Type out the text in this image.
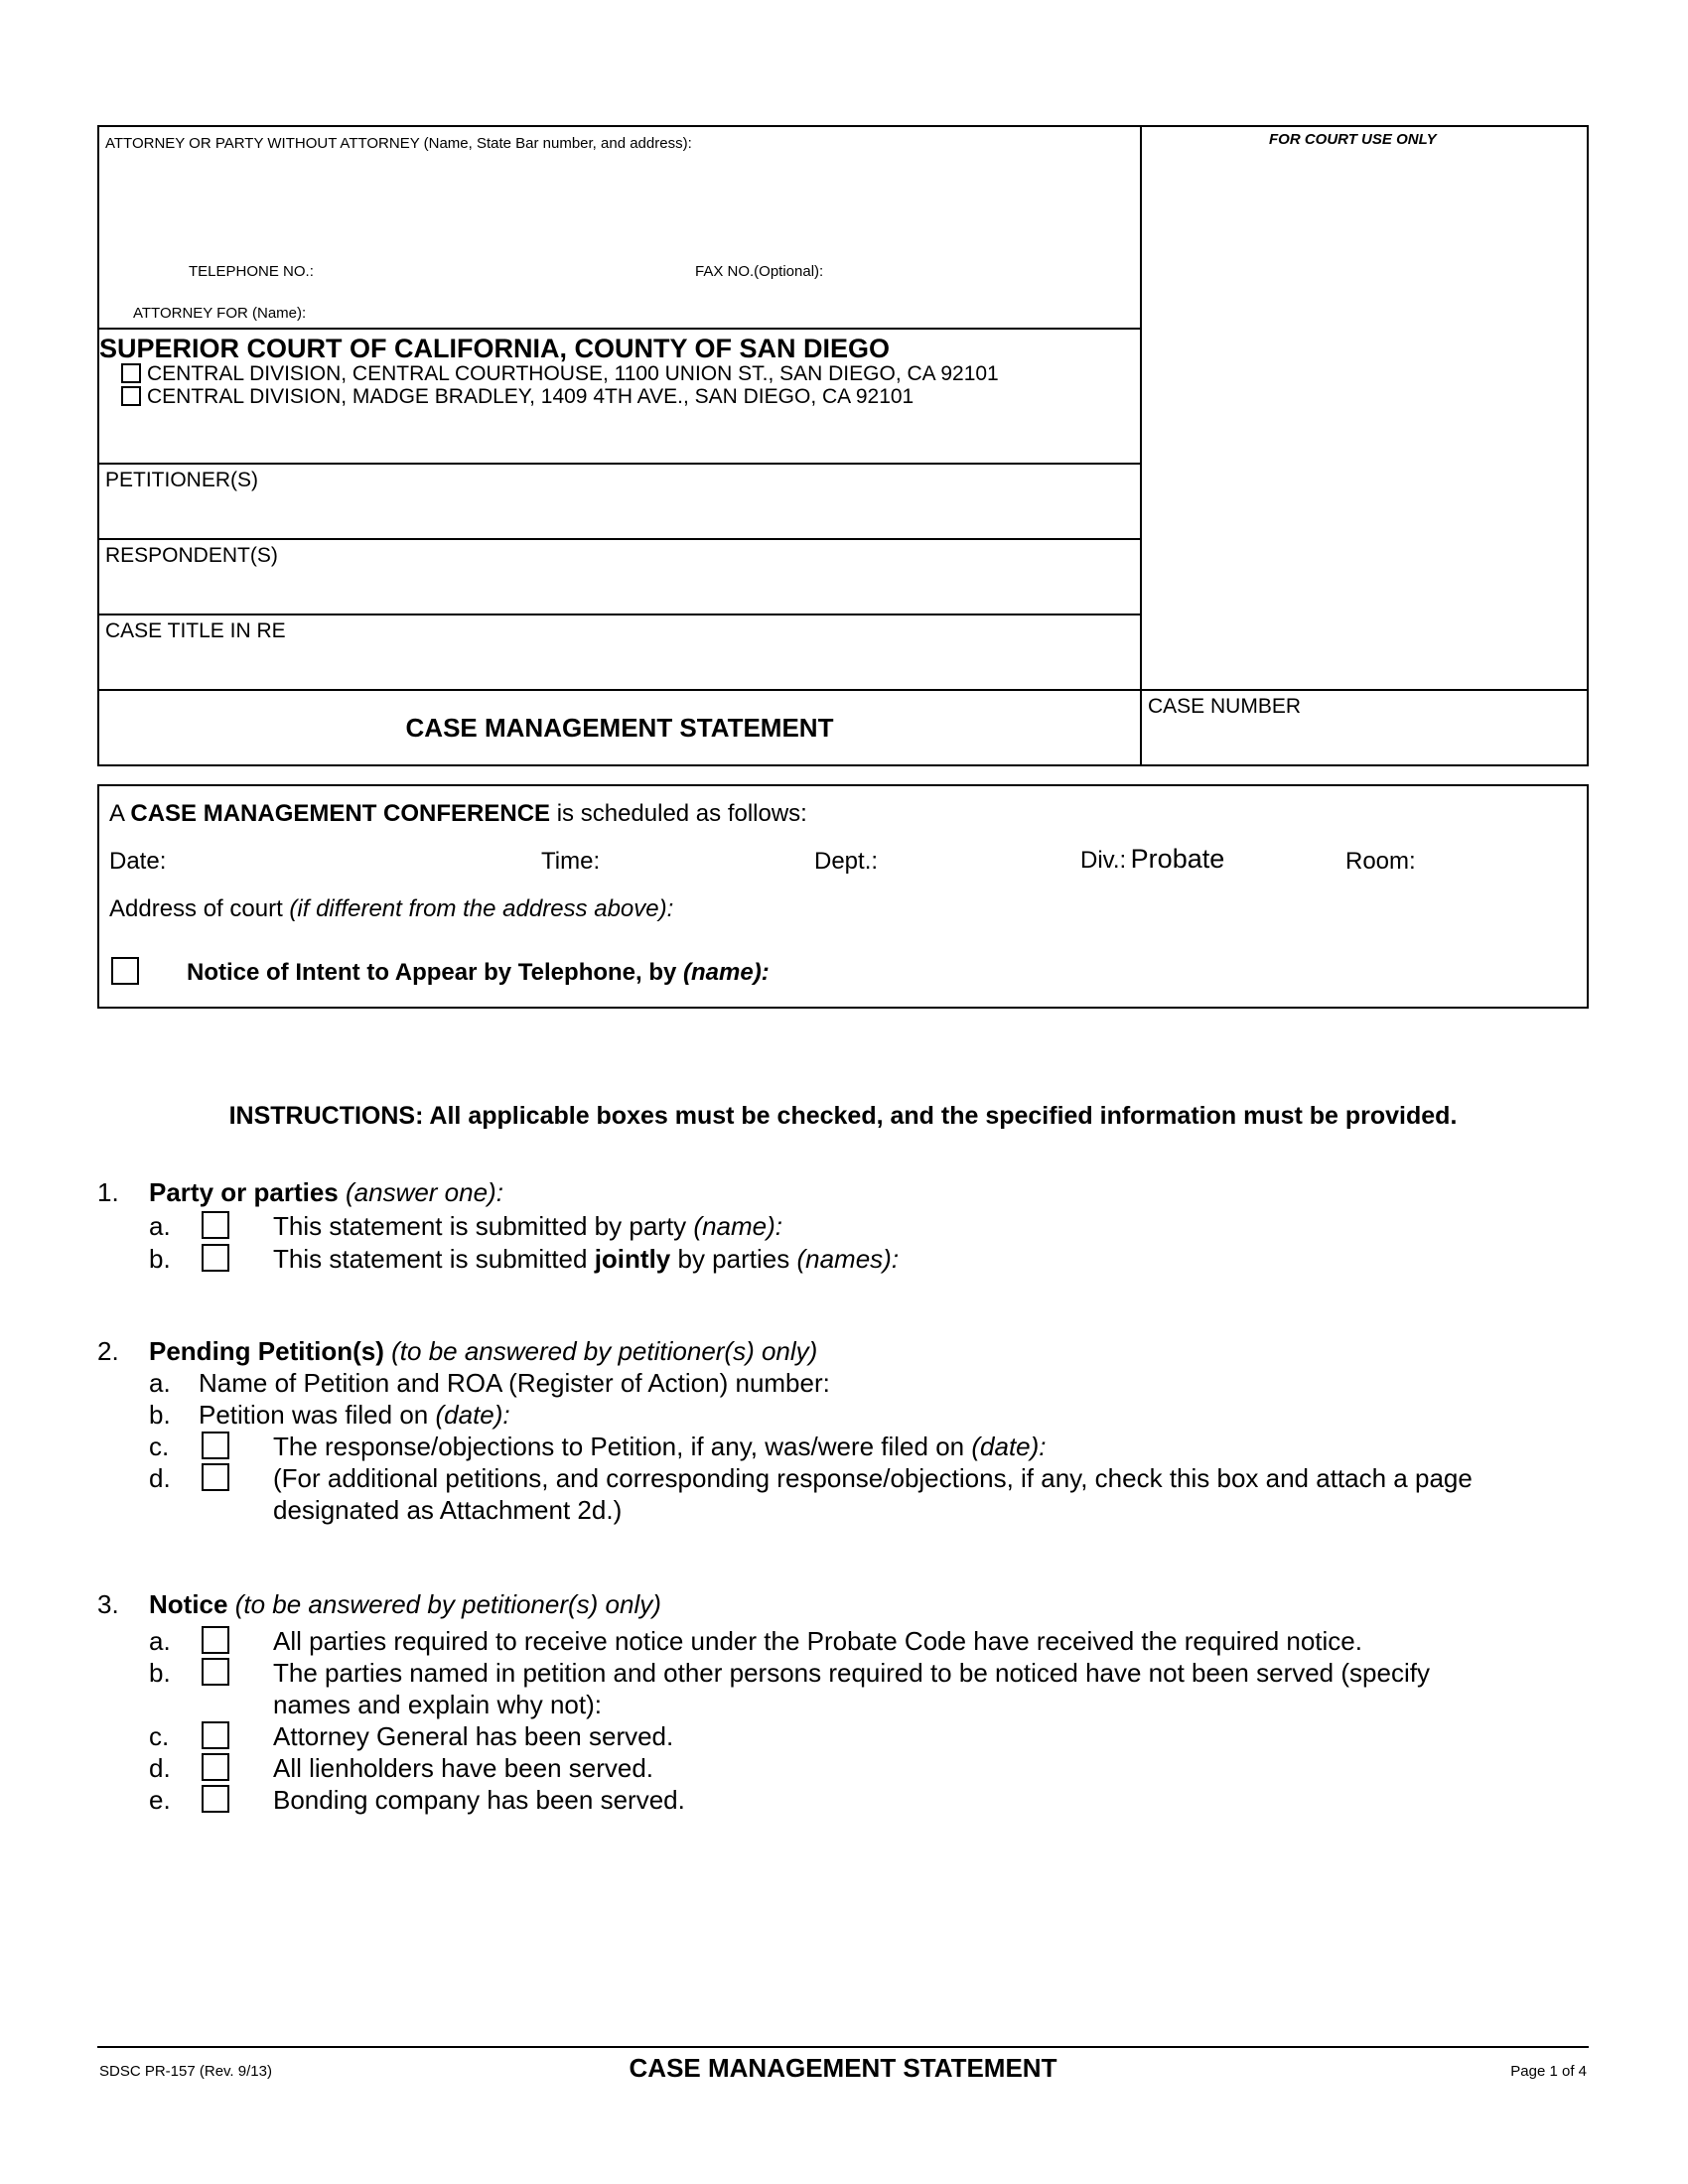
ATTORNEY OR PARTY WITHOUT ATTORNEY (Name, State Bar number, and address):	FOR COURT USE ONLY
TELEPHONE NO.:	FAX NO.(Optional):
ATTORNEY FOR (Name):
SUPERIOR COURT OF CALIFORNIA, COUNTY OF SAN DIEGO
CENTRAL DIVISION, CENTRAL COURTHOUSE, 1100 UNION ST., SAN DIEGO, CA 92101
CENTRAL DIVISION, MADGE BRADLEY, 1409 4TH AVE., SAN DIEGO, CA 92101
PETITIONER(S)
RESPONDENT(S)
CASE TITLE IN RE
CASE MANAGEMENT STATEMENT
CASE NUMBER
A CASE MANAGEMENT CONFERENCE is scheduled as follows:
Date:	Time:	Dept.:	Div.: Probate	Room:
Address of court (if different from the address above):
Notice of Intent to Appear by Telephone, by (name):
INSTRUCTIONS: All applicable boxes must be checked, and the specified information must be provided.
1. Party or parties (answer one):
a.	This statement is submitted by party (name):
b.	This statement is submitted jointly by parties (names):
2. Pending Petition(s) (to be answered by petitioner(s) only)
a. Name of Petition and ROA (Register of Action) number:
b. Petition was filed on (date):
c.	The response/objections to Petition, if any, was/were filed on (date):
d.	(For additional petitions, and corresponding response/objections, if any, check this box and attach a page
designated as Attachment 2d.)
3. Notice (to be answered by petitioner(s) only)
a.	All parties required to receive notice under the Probate Code have received the required notice.
b.	The parties named in petition and other persons required to be noticed have not been served (specify
names and explain why not):
c.	Attorney General has been served.
d.	All lienholders have been served.
e.	Bonding company has been served.
SDSC PR-157 (Rev. 9/13)	CASE MANAGEMENT STATEMENT	Page 1 of 4
